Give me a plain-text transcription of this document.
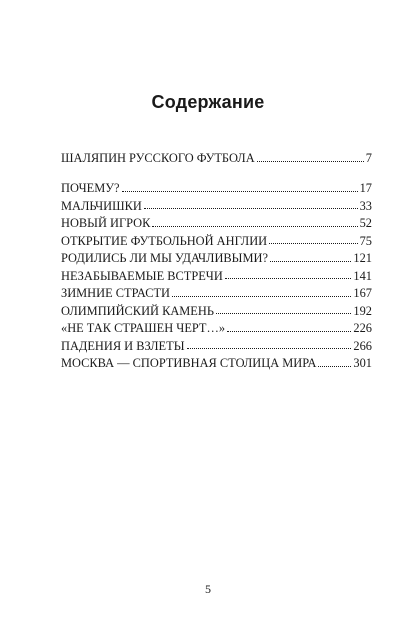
Содержание
ШАЛЯПИН РУССКОГО ФУТБОЛА	7
ПОЧЕМУ?	17
МАЛЬЧИШКИ	33
НОВЫЙ ИГРОК	52
ОТКРЫТИЕ ФУТБОЛЬНОЙ АНГЛИИ	75
РОДИЛИСЬ ЛИ МЫ УДАЧЛИВЫМИ?	121
НЕЗАБЫВАЕМЫЕ ВСТРЕЧИ	141
ЗИМНИЕ СТРАСТИ	167
ОЛИМПИЙСКИЙ КАМЕНЬ	192
«НЕ ТАК СТРАШЕН ЧЕРТ…»	226
ПАДЕНИЯ И ВЗЛЕТЫ	266
МОСКВА — СПОРТИВНАЯ СТОЛИЦА МИРА	301
5
